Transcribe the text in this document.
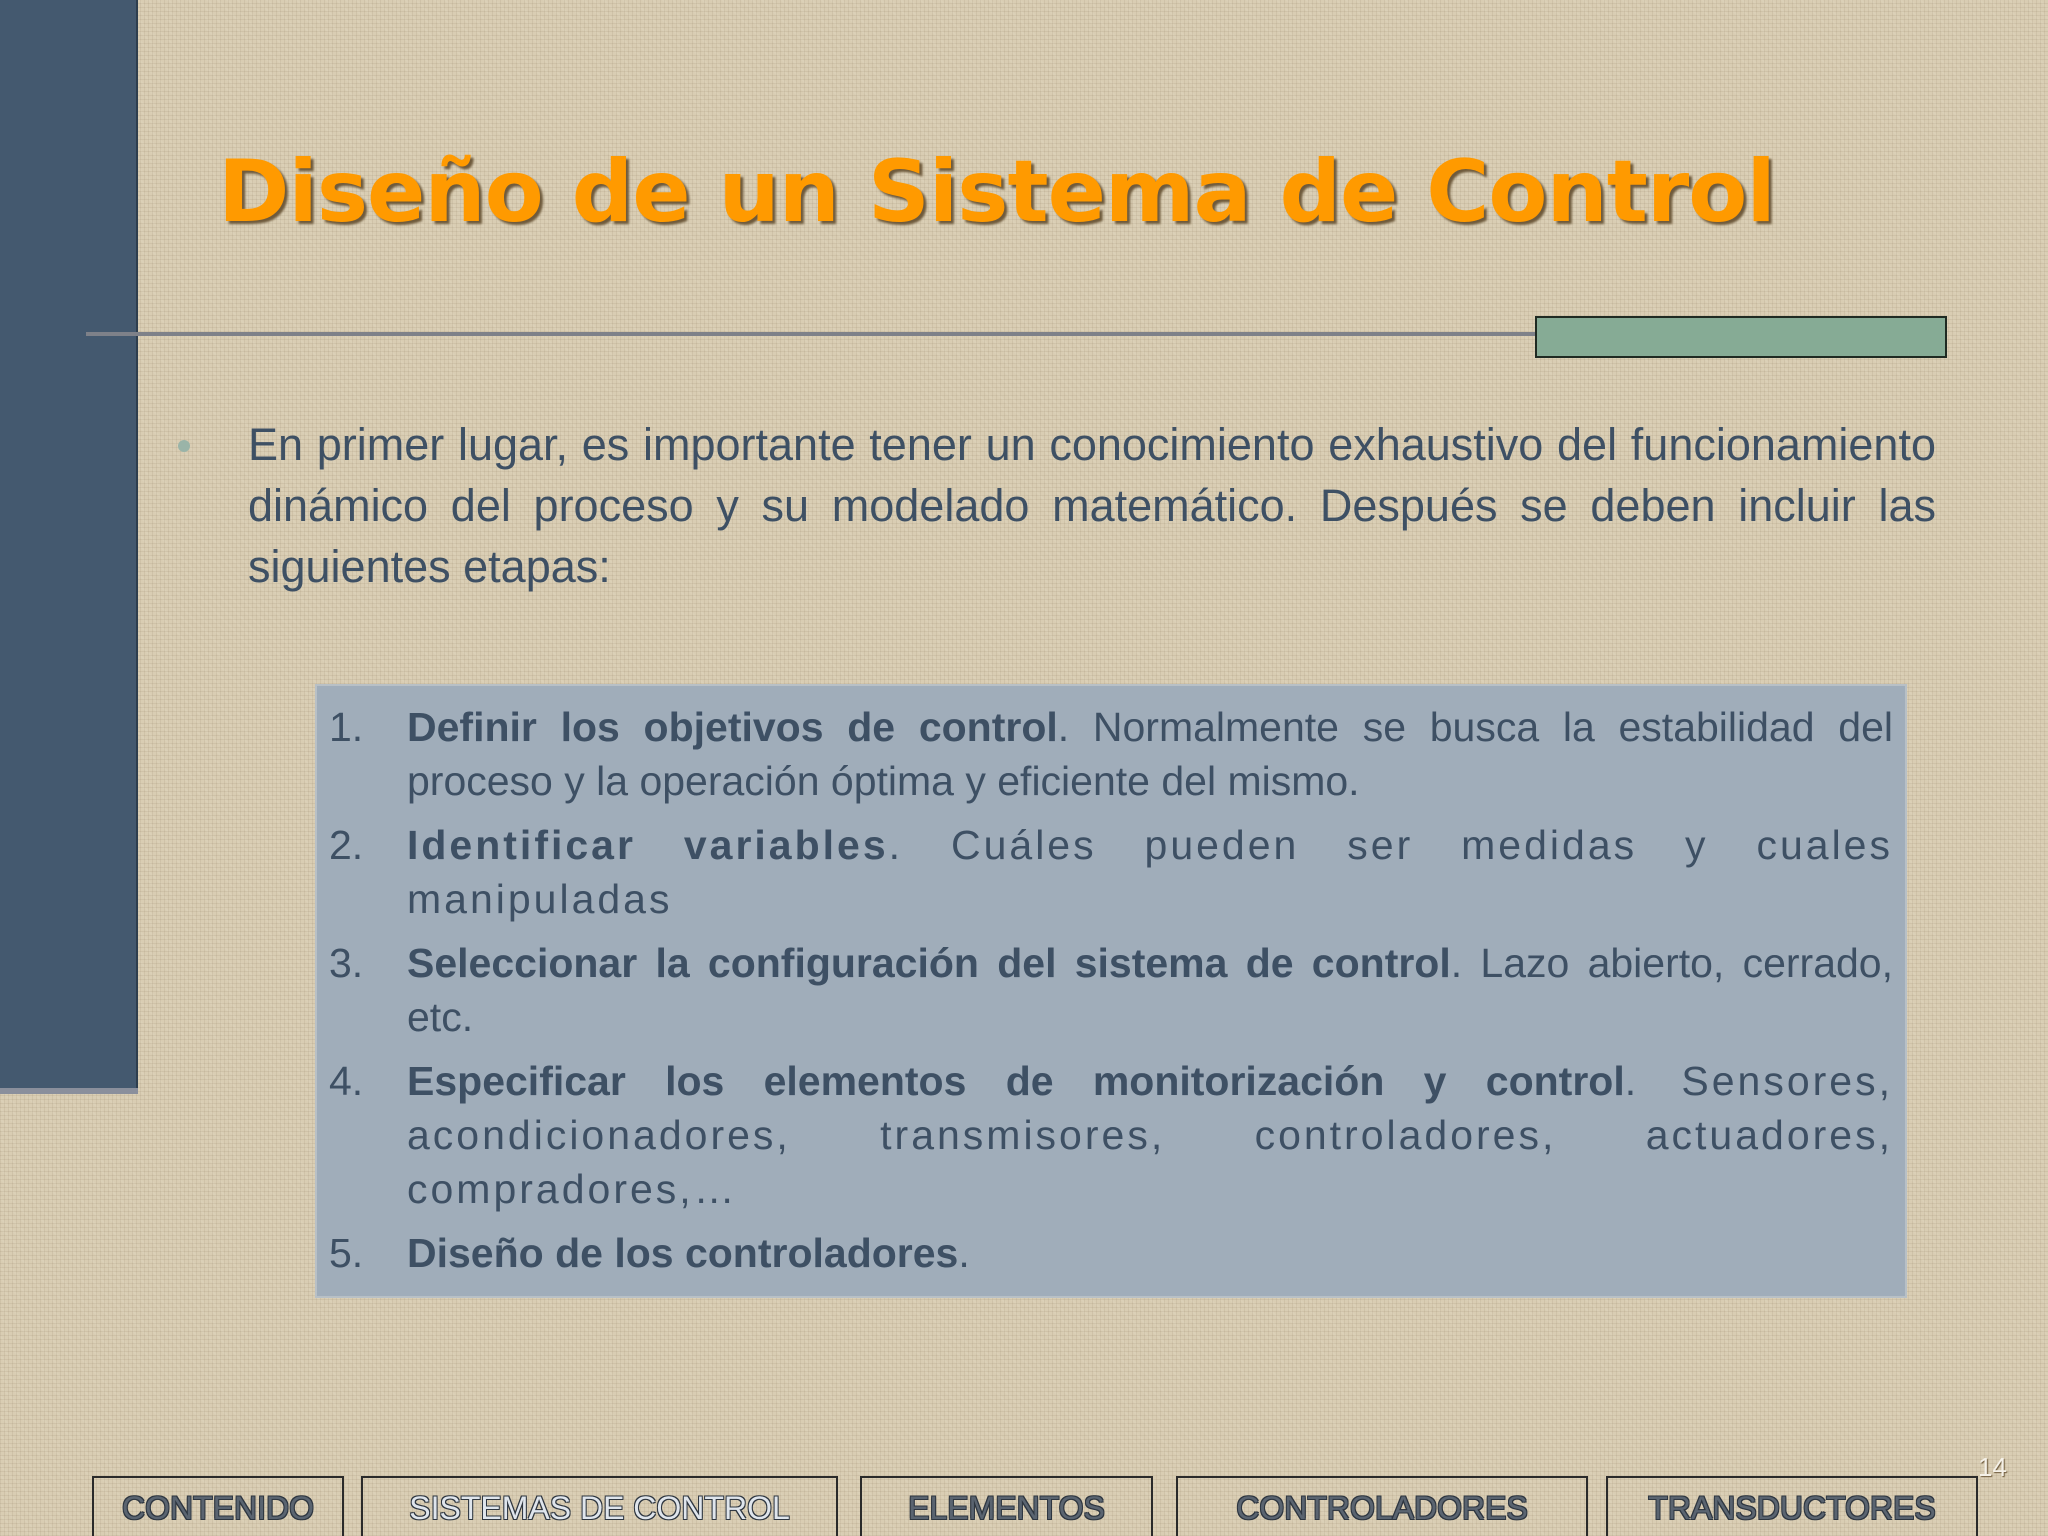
Diseño de un Sistema de Control

En primer lugar, es importante tener un conocimiento exhaustivo del funcionamiento dinámico del proceso y su modelado matemático. Después se deben incluir las siguientes etapas:

1. Definir los objetivos de control. Normalmente se busca la estabilidad del proceso y la operación óptima y eficiente del mismo.
2. Identificar variables. Cuáles pueden ser medidas y cuales manipuladas
3. Seleccionar la configuración del sistema de control. Lazo abierto, cerrado, etc.
4. Especificar los elementos de monitorización y control. Sensores, acondicionadores, transmisores, controladores, actuadores, compradores,…
5. Diseño de los controladores.
CONTENIDO	SISTEMAS DE CONTROL	ELEMENTOS	CONTROLADORES	TRANSDUCTORES
14
